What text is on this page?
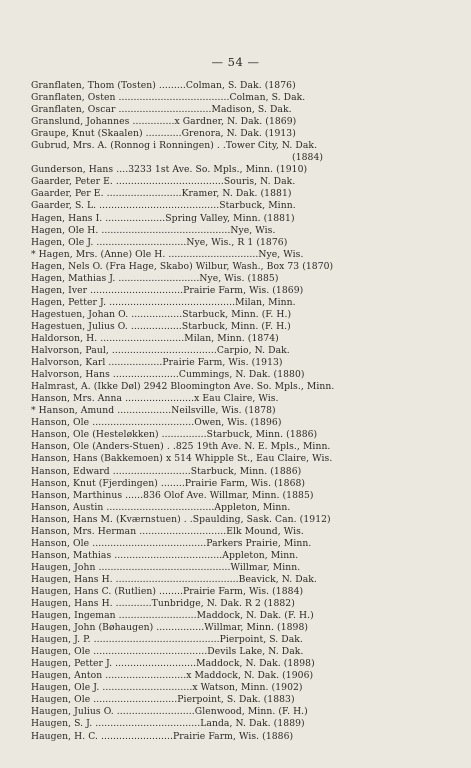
— 54 —
Granflaten, Thom (Tosten) .........Colman, S. Dak. (1876)
Granflaten, Osten .....................................Colman, S. Dak.
Granflaten, Oscar ...............................Madison, S. Dak.
Granslund, Johannes ..............x Gardner, N. Dak. (1869)
Graupe, Knut (Skaalen) ............Grenora, N. Dak. (1913)
Gubrud, Mrs. A. (Ronnog i Ronningen) . .Tower City, N. Dak.
(1884)
Gunderson, Hans ....3233 1st Ave. So. Mpls., Minn. (1910)
Gaarder, Peter E. ....................................Souris, N. Dak.
Gaarder, Per E. .........................Kramer, N. Dak. (1881)
Gaarder, S. L. ........................................Starbuck, Minn.
Hagen, Hans I. ....................Spring Valley, Minn. (1881)
Hagen, Ole H. ...........................................Nye, Wis.
Hagen, Ole J. ..............................Nye, Wis., R 1 (1876)
* Hagen, Mrs. (Anne) Ole H. ..............................Nye, Wis.
Hagen, Nels O. (Fra Hage, Skabo) Wilbur, Wash., Box 73 (1870)
Hagen, Mathias J. ...........................Nye, Wis. (1885)
Hagen, Iver ...............................Prairie Farm, Wis. (1869)
Hagen, Petter J. ..........................................Milan, Minn.
Hagestuen, Johan O. .................Starbuck, Minn. (F. H.)
Hagestuen, Julius O. .................Starbuck, Minn. (F. H.)
Haldorson, H. ............................Milan, Minn. (1874)
Halvorson, Paul, ...................................Carpio, N. Dak.
Halvorson, Karl ..................Prairie Farm, Wis. (1913)
Halvorson, Hans ......................Cummings, N. Dak. (1880)
Halmrast, A. (Ikke Døl) 2942 Bloomington Ave. So. Mpls., Minn.
Hanson, Mrs. Anna .......................x Eau Claire, Wis.
* Hanson, Amund ..................Neilsville, Wis. (1878)
Hanson, Ole ..................................Owen, Wis. (1896)
Hanson, Ole (Hesteløkken) ...............Starbuck, Minn. (1886)
Hanson, Ole (Anders-Stuen) . .825 19th Ave. N. E. Mpls., Minn.
Hanson, Hans (Bakkemoen) x 514 Whipple St., Eau Claire, Wis.
Hanson, Edward ..........................Starbuck, Minn. (1886)
Hanson, Knut (Fjerdingen) ........Prairie Farm, Wis. (1868)
Hanson, Marthinus ......836 Olof Ave. Willmar, Minn. (1885)
Hanson, Austin ....................................Appleton, Minn.
Hanson, Hans M. (Kværnstuen) . .Spaulding, Sask. Can. (1912)
Hanson, Mrs. Herman .............................Elk Mound, Wis.
Hanson, Ole ......................................Parkers Prairie, Minn.
Hanson, Mathias ....................................Appleton, Minn.
Haugen, John ............................................Willmar, Minn.
Haugen, Hans H. .........................................Beavick, N. Dak.
Haugen, Hans C. (Rutlien) ........Prairie Farm, Wis. (1884)
Haugen, Hans H. ............Tunbridge, N. Dak. R 2 (1882)
Haugen, Ingeman ..........................Maddock, N. Dak. (F. H.)
Haugen, John (Bøhaugen) ................Willmar, Minn. (1898)
Haugen, J. P. ..........................................Pierpoint, S. Dak.
Haugen, Ole ......................................Devils Lake, N. Dak.
Haugen, Petter J. ...........................Maddock, N. Dak. (1898)
Haugen, Anton ...........................x Maddock, N. Dak. (1906)
Haugen, Ole J. ..............................x Watson, Minn. (1902)
Haugen, Ole ............................Pierpoint, S. Dak. (1883)
Haugen, Julius O. ..........................Glenwood, Minn. (F. H.)
Haugen, S. J. ...................................Landa, N. Dak. (1889)
Haugen, H. C. ........................Prairie Farm, Wis. (1886)
